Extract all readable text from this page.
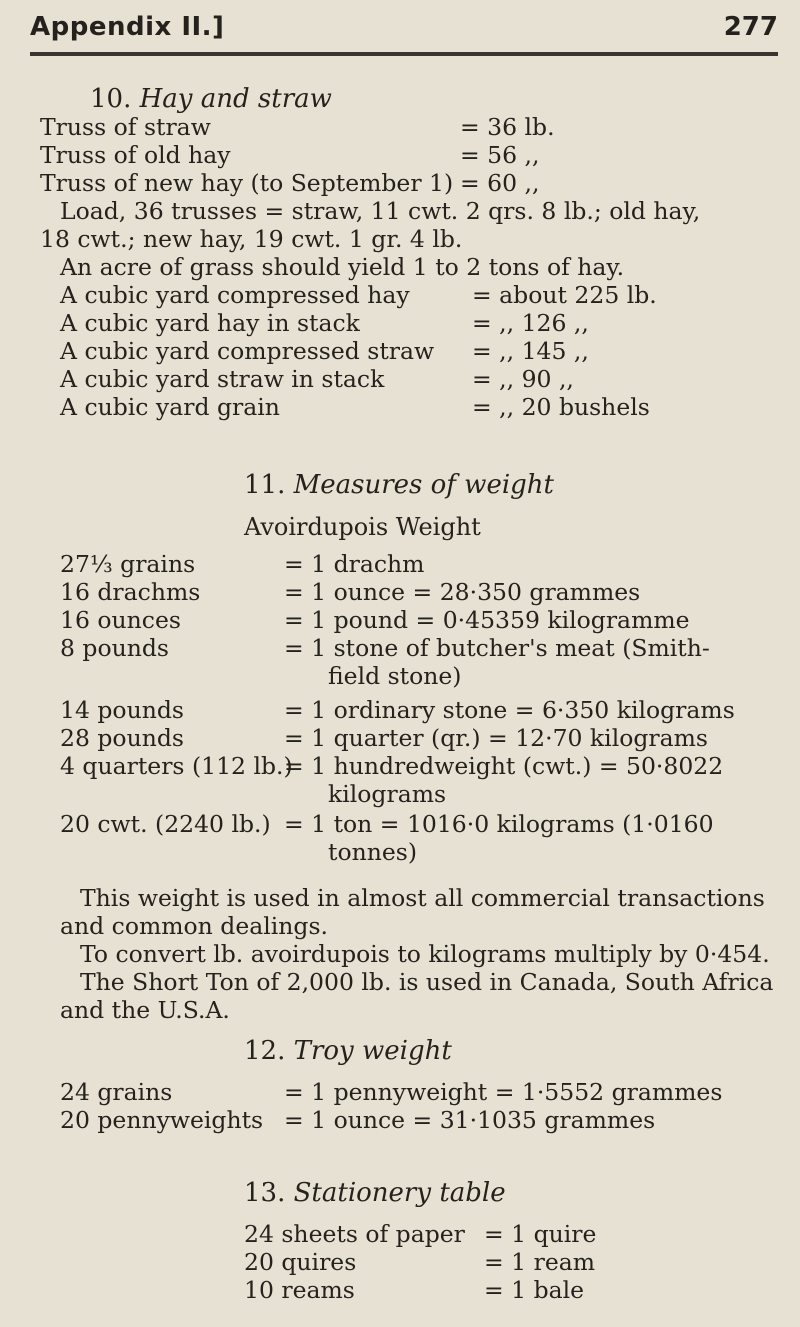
Appendix II.]	277
10. Hay and straw
Truss of straw	= 36 lb.
Truss of old hay	= 56 ,,
Truss of new hay (to September 1) = 60 ,,
Load, 36 trusses = straw, 11 cwt. 2 qrs. 8 lb.; old hay,
18 cwt.; new hay, 19 cwt. 1 gr. 4 lb.
An acre of grass should yield 1 to 2 tons of hay.
A cubic yard compressed hay	= about 225 lb.
A cubic yard hay in stack	= ,, 126 ,,
A cubic yard compressed straw = ,, 145 ,,
A cubic yard straw in stack	= ,, 90 ,,
A cubic yard grain	= ,, 20 bushels
11. Measures of weight
Avoirdupois Weight
27⅓ grains	= 1 drachm
16 drachms	= 1 ounce = 28·350 grammes
16 ounces	= 1 pound = 0·45359 kilogramme
8 pounds	= 1 stone of butcher's meat (Smith-
field stone)
14 pounds	= 1 ordinary stone = 6·350 kilograms
28 pounds	= 1 quarter (qr.) = 12·70 kilograms
4 quarters (112 lb.)
= 1 hundredweight (cwt.) = 50·8022
kilograms
20 cwt. (2240 lb.) = 1 ton = 1016·0 kilograms (1·0160
tonnes)

This weight is used in almost all commercial transactions and common dealings.

To convert lb. avoirdupois to kilograms multiply by 0·454.

The Short Ton of 2,000 lb. is used in Canada, South Africa and the U.S.A.

12. Troy weight
24 grains	= 1 pennyweight = 1·5552 grammes
20 pennyweights = 1 ounce = 31·1035 grammes
13. Stationery table
24 sheets of paper = 1 quire
20 quires	= 1 ream
10 reams	= 1 bale
